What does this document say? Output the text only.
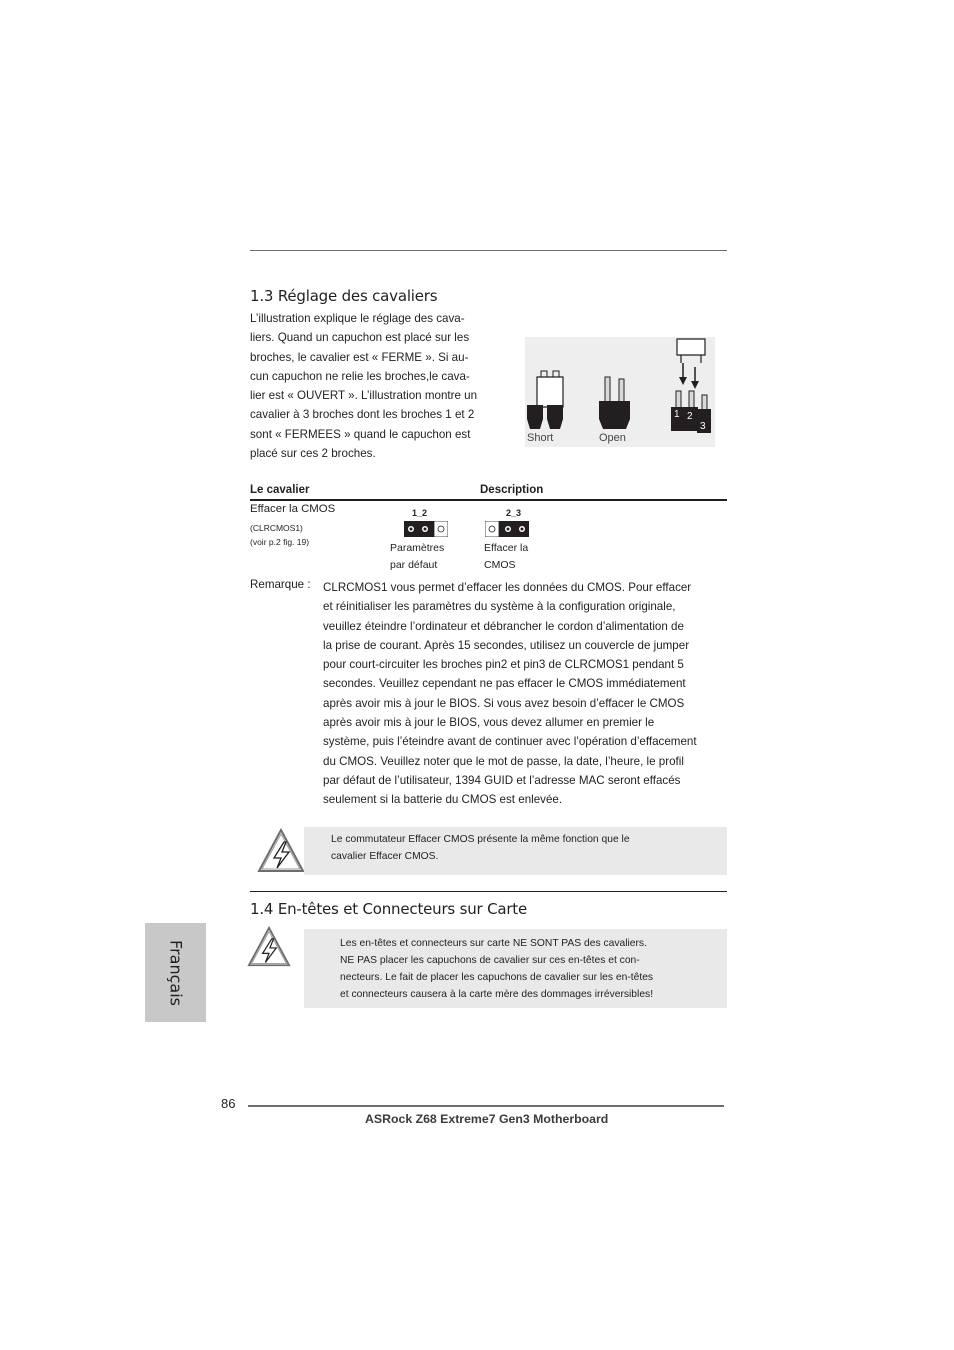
1.3 Réglage des cavaliers

L’illustration explique le réglage des cava-

liers. Quand un capuchon est placé sur les

broches, le cavalier est « FERME ». Si au-

cun capuchon ne relie les broches,le cava-

lier est « OUVERT ». L’illustration montre un

cavalier à 3 broches dont les broches 1 et 2

sont « FERMEES » quand le capuchon est

placé sur ces 2 broches.

Short	Open
1 2
3
Le cavalier	Description
Effacer la CMOS
(CLRCMOS1)
(voir p.2 fig. 19)
1_2
Paramètres
par défaut
2_3
Effacer la
CMOS
Remarque : CLRCMOS1 vous permet d’effacer les données du CMOS. Pour effacer

et réinitialiser les paramètres du système à la configuration originale,

veuillez éteindre l’ordinateur et débrancher le cordon d’alimentation de

la prise de courant. Après 15 secondes, utilisez un couvercle de jumper

pour court-circuiter les broches pin2 et pin3 de CLRCMOS1 pendant 5

secondes. Veuillez cependant ne pas effacer le CMOS immédiatement

après avoir mis à jour le BIOS. Si vous avez besoin d’effacer le CMOS

après avoir mis à jour le BIOS, vous devez allumer en premier le

système, puis l’éteindre avant de continuer avec l’opération d’effacement

du CMOS. Veuillez noter que le mot de passe, la date, l’heure, le profil

par défaut de l’utilisateur, 1394 GUID et l’adresse MAC seront effacés

seulement si la batterie du CMOS est enlevée.

Le commutateur Effacer CMOS présente la même fonction que le
cavalier Effacer CMOS.
1.4 En-têtes et Connecteurs sur Carte
Les en-têtes et connecteurs sur carte NE SONT PAS des cavaliers.
NE PAS placer les capuchons de cavalier sur ces en-têtes et con-
necteurs. Le fait de placer les capuchons de cavalier sur les en-têtes
et connecteurs causera à la carte mère des dommages irréversibles!
Français
86
ASRock Z68 Extreme7 Gen3 Motherboard
